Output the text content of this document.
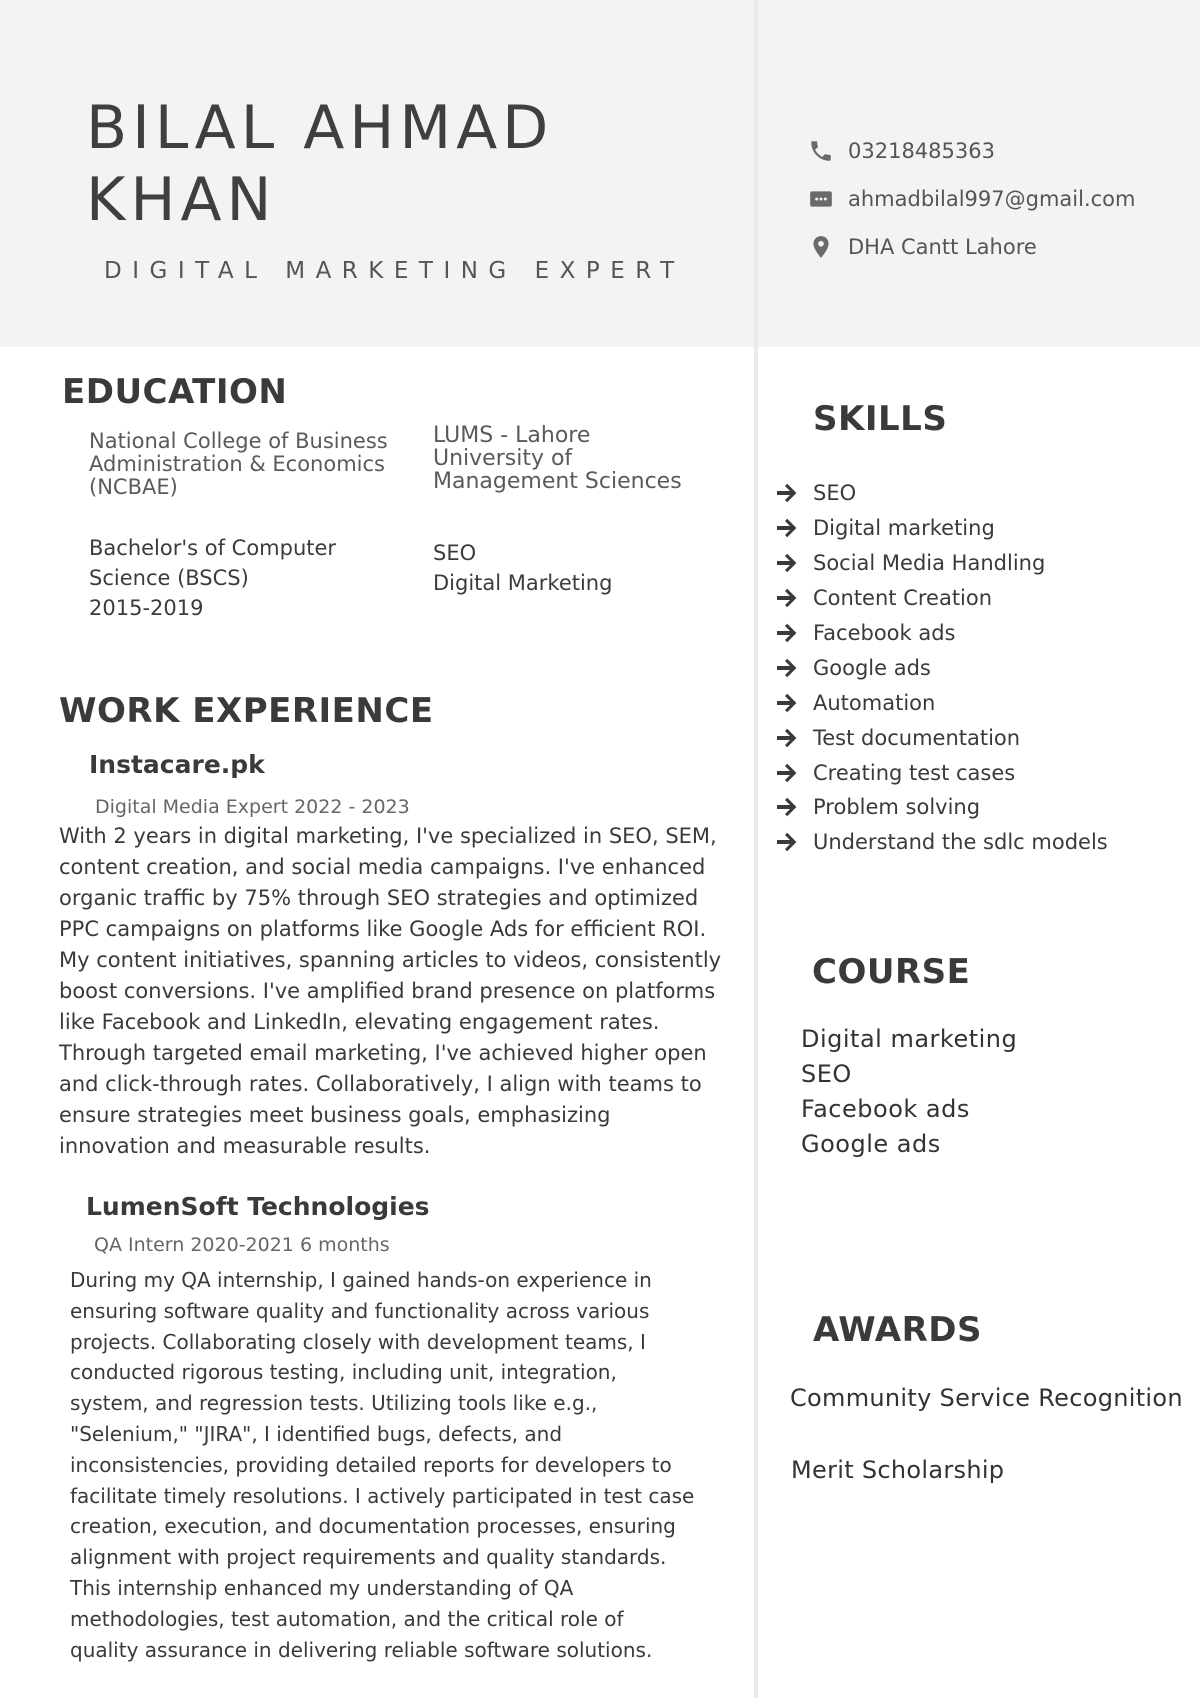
BILAL AHMAD
KHAN
DIGITAL MARKETING EXPERT
03218485363
ahmadbilal997@gmail.com
DHA Cantt Lahore
EDUCATION
National College of Business
Administration & Economics
(NCBAE)
LUMS - Lahore
University of
Management Sciences
Bachelor's of Computer
Science (BSCS)
2015-2019
SEO
Digital Marketing
WORK EXPERIENCE
Instacare.pk
Digital Media Expert 2022 - 2023
With 2 years in digital marketing, I've specialized in SEO, SEM,
content creation, and social media campaigns. I've enhanced
organic traffic by 75% through SEO strategies and optimized
PPC campaigns on platforms like Google Ads for efficient ROI.
My content initiatives, spanning articles to videos, consistently
boost conversions. I've amplified brand presence on platforms
like Facebook and LinkedIn, elevating engagement rates.
Through targeted email marketing, I've achieved higher open
and click-through rates. Collaboratively, I align with teams to
ensure strategies meet business goals, emphasizing
innovation and measurable results.
LumenSoft Technologies
QA Intern 2020-2021 6 months
During my QA internship, I gained hands-on experience in
ensuring software quality and functionality across various
projects. Collaborating closely with development teams, I
conducted rigorous testing, including unit, integration,
system, and regression tests. Utilizing tools like e.g.,
"Selenium," "JIRA", I identified bugs, defects, and
inconsistencies, providing detailed reports for developers to
facilitate timely resolutions. I actively participated in test case
creation, execution, and documentation processes, ensuring
alignment with project requirements and quality standards.
This internship enhanced my understanding of QA
methodologies, test automation, and the critical role of
quality assurance in delivering reliable software solutions.
SKILLS
SEO
Digital marketing
Social Media Handling
Content Creation
Facebook ads
Google ads
Automation
Test documentation
Creating test cases
Problem solving
Understand the sdlc models
COURSE
Digital marketing
SEO
Facebook ads
Google ads
AWARDS
Community Service Recognition
Merit Scholarship
